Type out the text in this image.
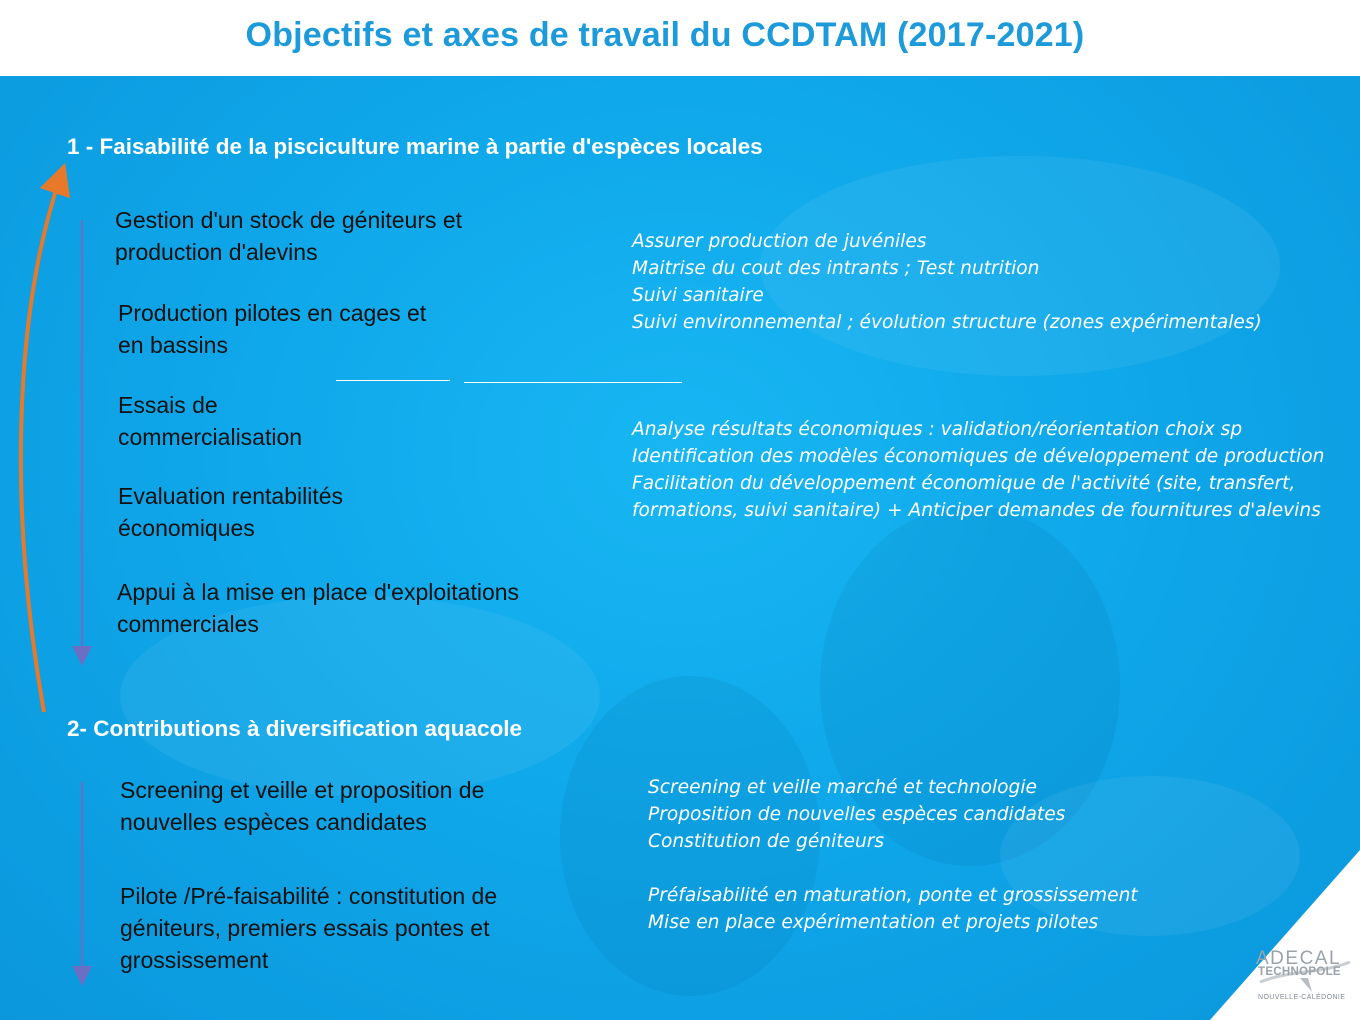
Objectifs et axes de travail du CCDTAM (2017-2021)
1 - Faisabilité de la pisciculture marine à partie d'espèces locales
Gestion d'un stock de géniteurs et
production d'alevins
Production pilotes en cages et
en bassins
Essais de
commercialisation
Evaluation rentabilités
économiques
Appui à la mise en place d'exploitations
commerciales
Assurer production de juvéniles
Maitrise du cout des intrants ; Test nutrition
Suivi sanitaire
Suivi environnemental ; évolution structure (zones expérimentales)
Analyse résultats économiques : validation/réorientation choix sp
Identification des modèles économiques de développement de production
Facilitation du développement économique de l'activité (site, transfert,
formations, suivi sanitaire) + Anticiper demandes de fournitures d'alevins
2- Contributions à diversification aquacole
Screening et veille et proposition de
nouvelles espèces candidates
Pilote /Pré-faisabilité : constitution de
géniteurs, premiers essais pontes et
grossissement
Screening et veille marché et technologie
Proposition de nouvelles espèces candidates
Constitution de géniteurs
Préfaisabilité en maturation, ponte et grossissement
Mise en place expérimentation et projets pilotes
ADECAL
TECHNOPOLE
NOUVELLE-CALÉDONIE
